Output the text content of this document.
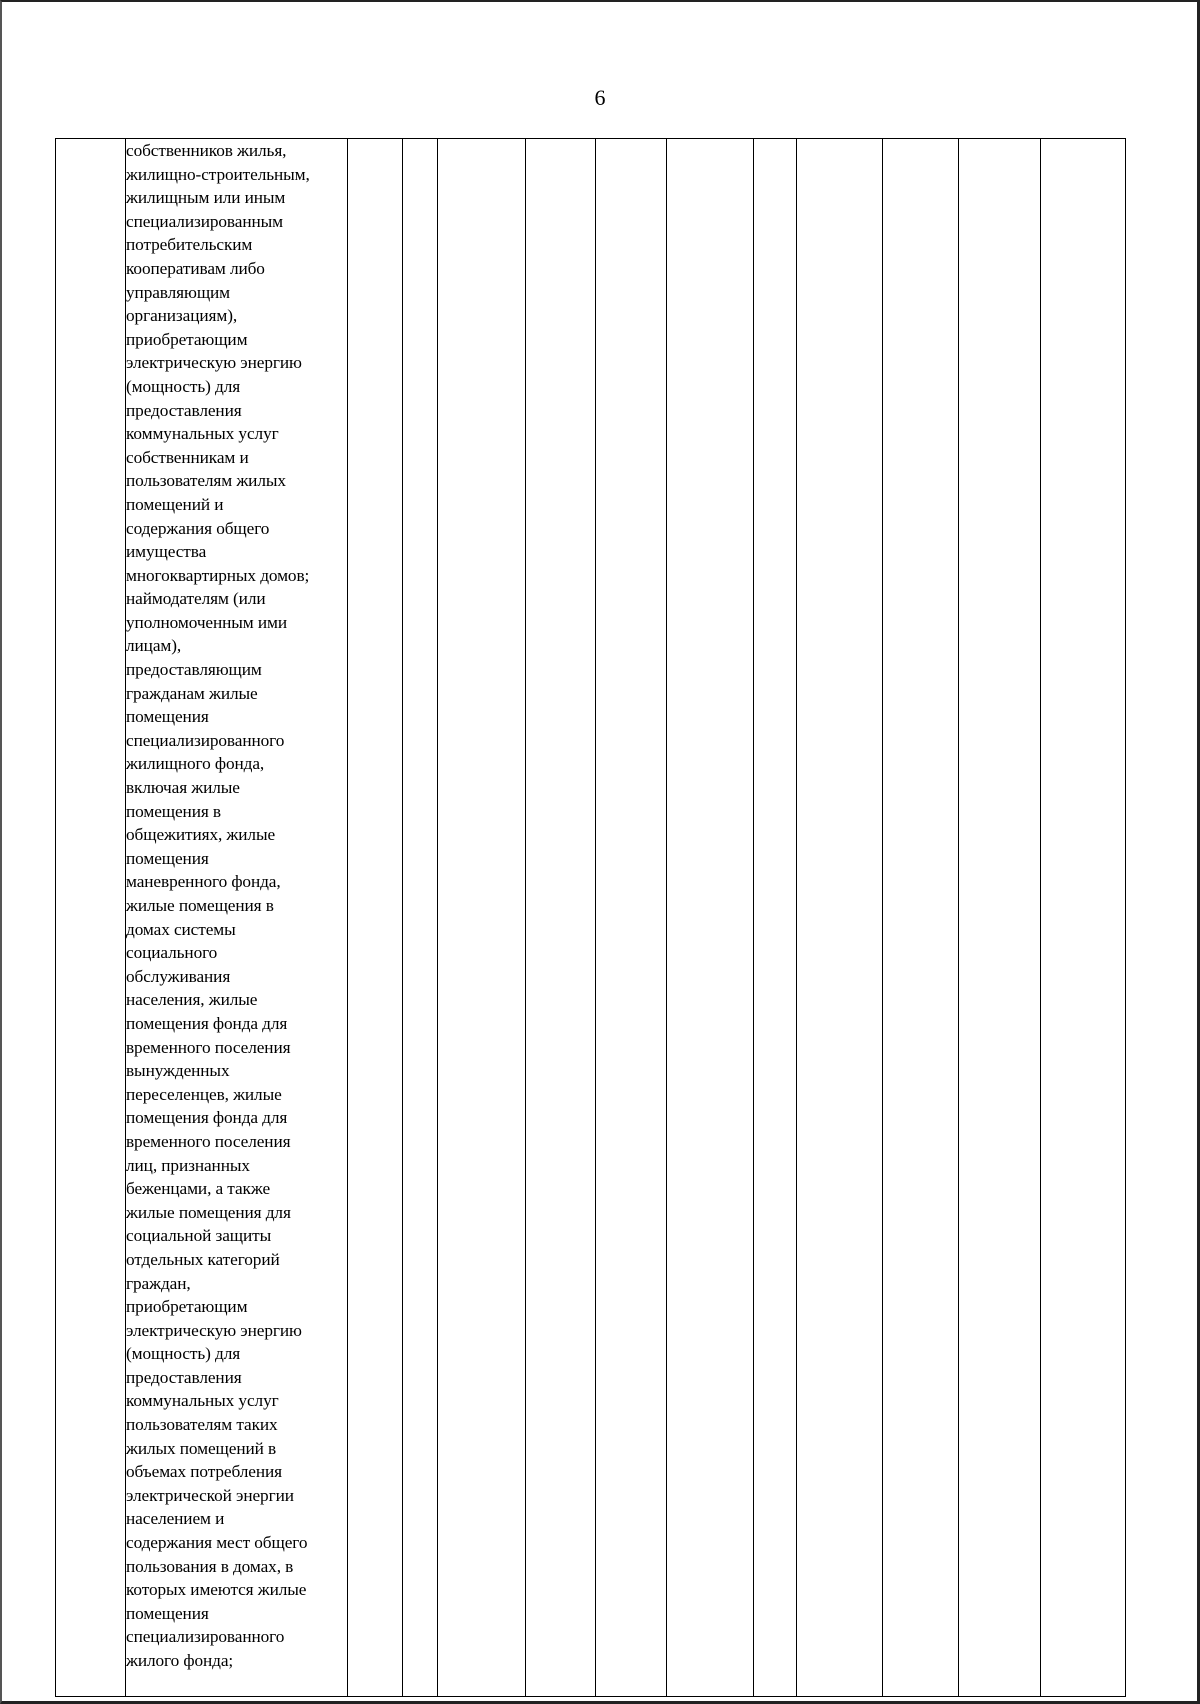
6

собственников жилья,
жилищно-строительным,
жилищным или иным
специализированным
потребительским
кооперативам либо
управляющим
организациям),
приобретающим
электрическую энергию
(мощность) для
предоставления
коммунальных услуг
собственникам и
пользователям жилых
помещений и
содержания общего
имущества
многоквартирных домов;
наймодателям (или
уполномоченным ими
лицам),
предоставляющим
гражданам жилые
помещения
специализированного
жилищного фонда,
включая жилые
помещения в
общежитиях, жилые
помещения
маневренного фонда,
жилые помещения в
домах системы
социального
обслуживания
населения, жилые
помещения фонда для
временного поселения
вынужденных
переселенцев, жилые
помещения фонда для
временного поселения
лиц, признанных
беженцами, а также
жилые помещения для
социальной защиты
отдельных категорий
граждан,
приобретающим
электрическую энергию
(мощность) для
предоставления
коммунальных услуг
пользователям таких
жилых помещений в
объемах потребления
электрической энергии
населением и
содержания мест общего
пользования в домах, в
которых имеются жилые
помещения
специализированного
жилого фонда;
